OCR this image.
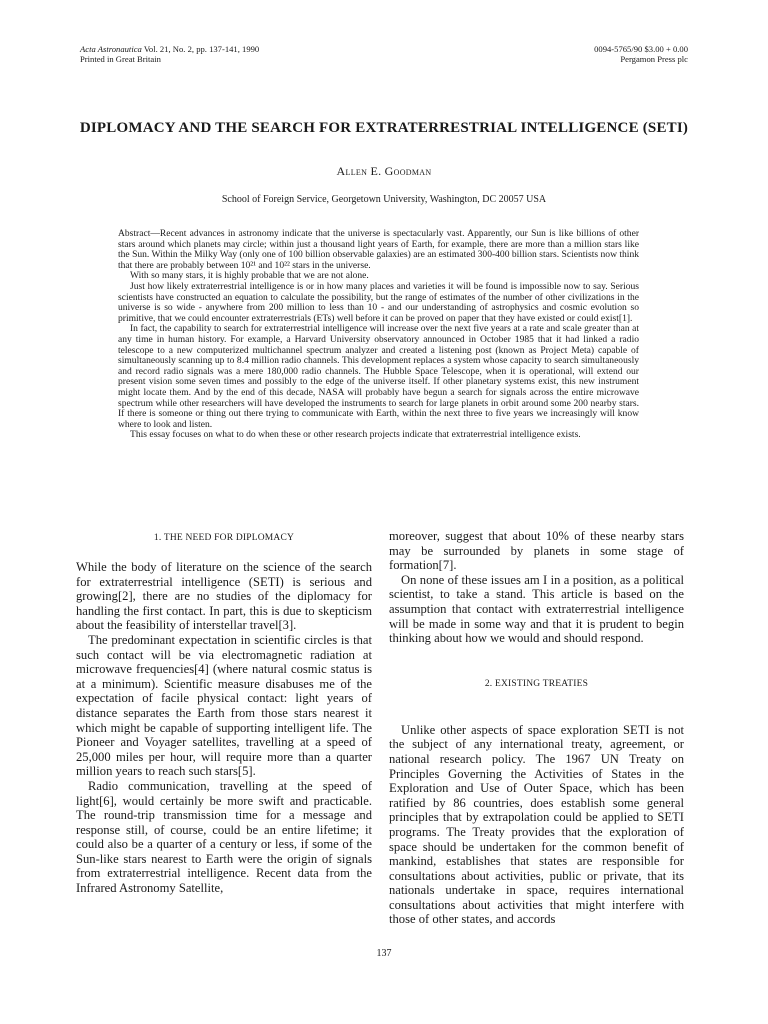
Acta Astronautica Vol. 21, No. 2, pp. 137-141, 1990
Printed in Great Britain
0094-5765/90 $3.00 + 0.00
Pergamon Press plc
DIPLOMACY AND THE SEARCH FOR EXTRATERRESTRIAL INTELLIGENCE (SETI)
Allen E. Goodman
School of Foreign Service, Georgetown University, Washington, DC 20057 USA

Abstract—Recent advances in astronomy indicate that the universe is spectacularly vast. Apparently, our Sun is like billions of other stars around which planets may circle; within just a thousand light years of Earth, for example, there are more than a million stars like the Sun. Within the Milky Way (only one of 100 billion observable galaxies) are an estimated 300-400 billion stars. Scientists now think that there are probably between 10²¹ and 10²² stars in the universe.

With so many stars, it is highly probable that we are not alone.

Just how likely extraterrestrial intelligence is or in how many places and varieties it will be found is impossible now to say. Serious scientists have constructed an equation to calculate the possibility, but the range of estimates of the number of other civilizations in the universe is so wide - anywhere from 200 million to less than 10 - and our understanding of astrophysics and cosmic evolution so primitive, that we could encounter extraterrestrials (ETs) well before it can be proved on paper that they have existed or could exist[1].

In fact, the capability to search for extraterrestrial intelligence will increase over the next five years at a rate and scale greater than at any time in human history. For example, a Harvard University observatory announced in October 1985 that it had linked a radio telescope to a new computerized multichannel spectrum analyzer and created a listening post (known as Project Meta) capable of simultaneously scanning up to 8.4 million radio channels. This development replaces a system whose capacity to search simultaneously and record radio signals was a mere 180,000 radio channels. The Hubble Space Telescope, when it is operational, will extend our present vision some seven times and possibly to the edge of the universe itself. If other planetary systems exist, this new instrument might locate them. And by the end of this decade, NASA will probably have begun a search for signals across the entire microwave spectrum while other researchers will have developed the instruments to search for large planets in orbit around some 200 nearby stars. If there is someone or thing out there trying to communicate with Earth, within the next three to five years we increasingly will know where to look and listen.

This essay focuses on what to do when these or other research projects indicate that extraterrestrial intelligence exists.

1. THE NEED FOR DIPLOMACY

While the body of literature on the science of the search for extraterrestrial intelligence (SETI) is serious and growing[2], there are no studies of the diplomacy for handling the first contact. In part, this is due to skepticism about the feasibility of interstellar travel[3].

The predominant expectation in scientific circles is that such contact will be via electromagnetic radiation at microwave frequencies[4] (where natural cosmic status is at a minimum). Scientific measure disabuses me of the expectation of facile physical contact: light years of distance separates the Earth from those stars nearest it which might be capable of supporting intelligent life. The Pioneer and Voyager satellites, travelling at a speed of 25,000 miles per hour, will require more than a quarter million years to reach such stars[5].

Radio communication, travelling at the speed of light[6], would certainly be more swift and practicable. The round-trip transmission time for a message and response still, of course, could be an entire lifetime; it could also be a quarter of a century or less, if some of the Sun-like stars nearest to Earth were the origin of signals from extraterrestrial intelligence. Recent data from the Infrared Astronomy Satellite,

moreover, suggest that about 10% of these nearby stars may be surrounded by planets in some stage of formation[7].

On none of these issues am I in a position, as a political scientist, to take a stand. This article is based on the assumption that contact with extraterrestrial intelligence will be made in some way and that it is prudent to begin thinking about how we would and should respond.

2. EXISTING TREATIES

Unlike other aspects of space exploration SETI is not the subject of any international treaty, agreement, or national research policy. The 1967 UN Treaty on Principles Governing the Activities of States in the Exploration and Use of Outer Space, which has been ratified by 86 countries, does establish some general principles that by extrapolation could be applied to SETI programs. The Treaty provides that the exploration of space should be undertaken for the common benefit of mankind, establishes that states are responsible for consultations about activities, public or private, that its nationals undertake in space, requires international consultations about activities that might interfere with those of other states, and accords

137
